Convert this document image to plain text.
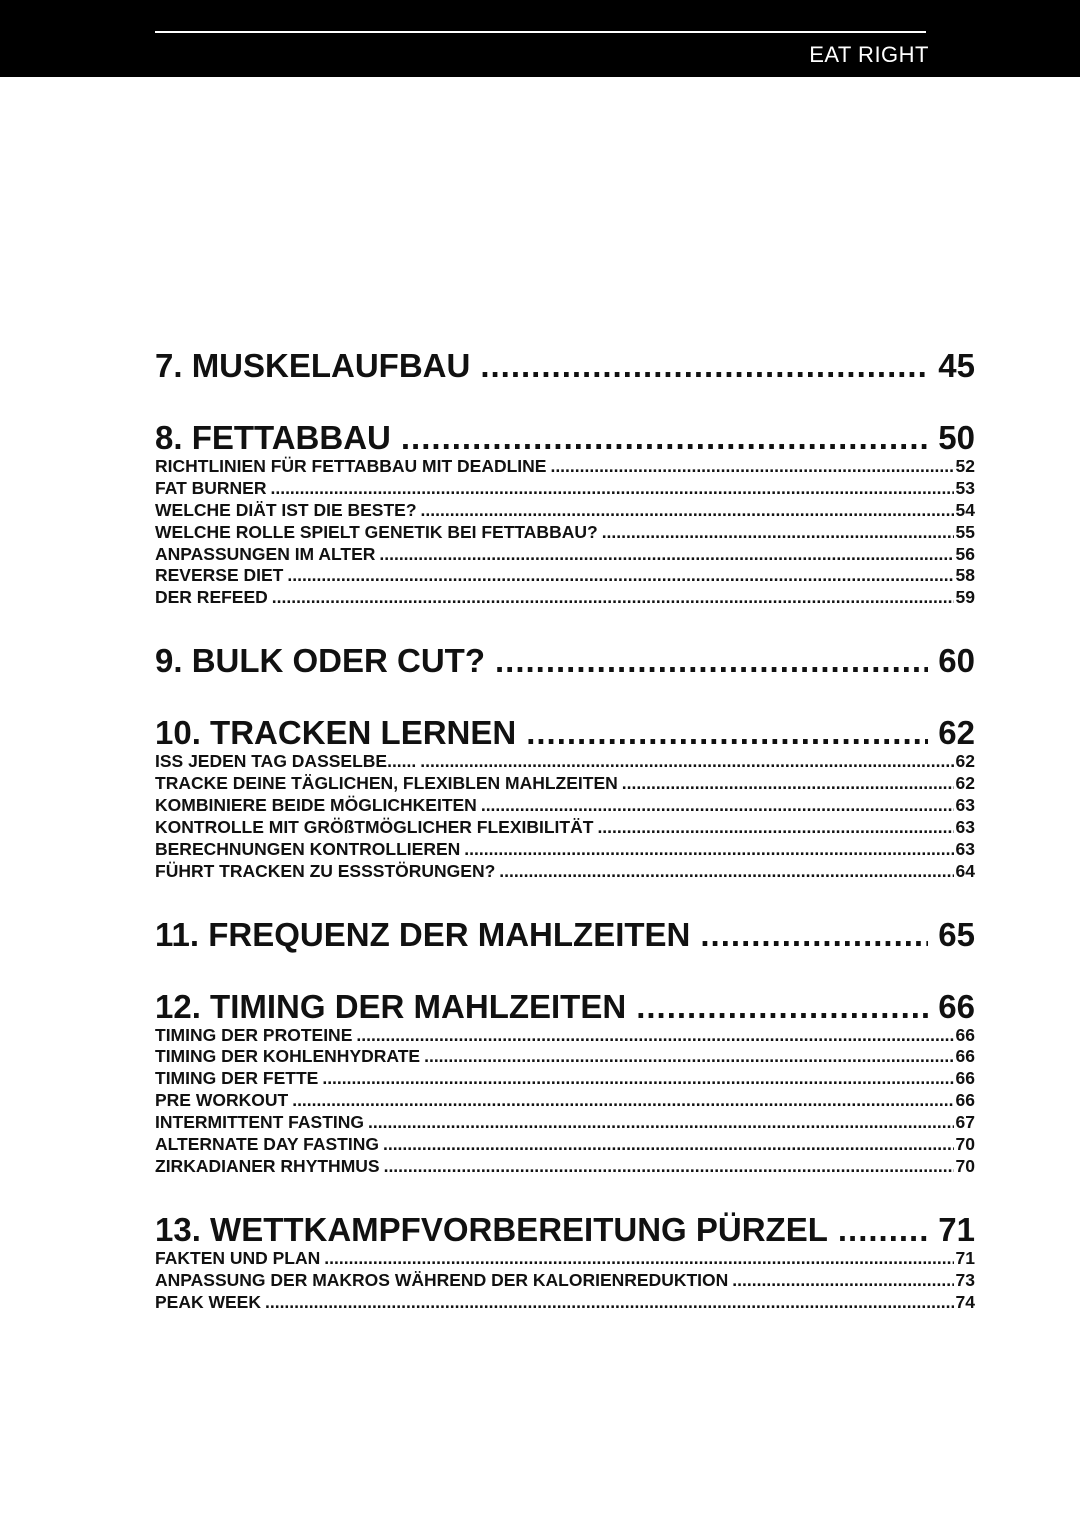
EAT RIGHT
7. MUSKELAUFBAU .....	45
8. FETTABBAU .....	50
RICHTLINIEN FÜR FETTABBAU MIT DEADLINE .....	52
FAT BURNER .....	53
WELCHE DIÄT IST DIE BESTE? .....	54
WELCHE ROLLE SPIELT GENETIK BEI FETTABBAU? .....	55
ANPASSUNGEN IM ALTER .....	56
REVERSE DIET .....	58
DER REFEED .....	59
9. BULK ODER CUT? .....	60
10. TRACKEN LERNEN .....	62
ISS JEDEN TAG DASSELBE...... .....	62
TRACKE DEINE TÄGLICHEN, FLEXIBLEN MAHLZEITEN .....	62
KOMBINIERE BEIDE MÖGLICHKEITEN .....	63
KONTROLLE MIT GRÖßTMÖGLICHER FLEXIBILITÄT .....	63
BERECHNUNGEN KONTROLLIEREN .....	63
FÜHRT TRACKEN ZU ESSSTÖRUNGEN? .....	64
11. FREQUENZ DER MAHLZEITEN .....	65
12. TIMING DER MAHLZEITEN .....	66
TIMING DER PROTEINE .....	66
TIMING DER KOHLENHYDRATE .....	66
TIMING DER FETTE .....	66
PRE WORKOUT .....	66
INTERMITTENT FASTING .....	67
ALTERNATE DAY FASTING .....	70
ZIRKADIANER RHYTHMUS .....	70
13. WETTKAMPFVORBEREITUNG PÜRZEL .....	71
FAKTEN UND PLAN .....	71
ANPASSUNG DER MAKROS WÄHREND DER KALORIENREDUKTION .....	73
PEAK WEEK .....	74
